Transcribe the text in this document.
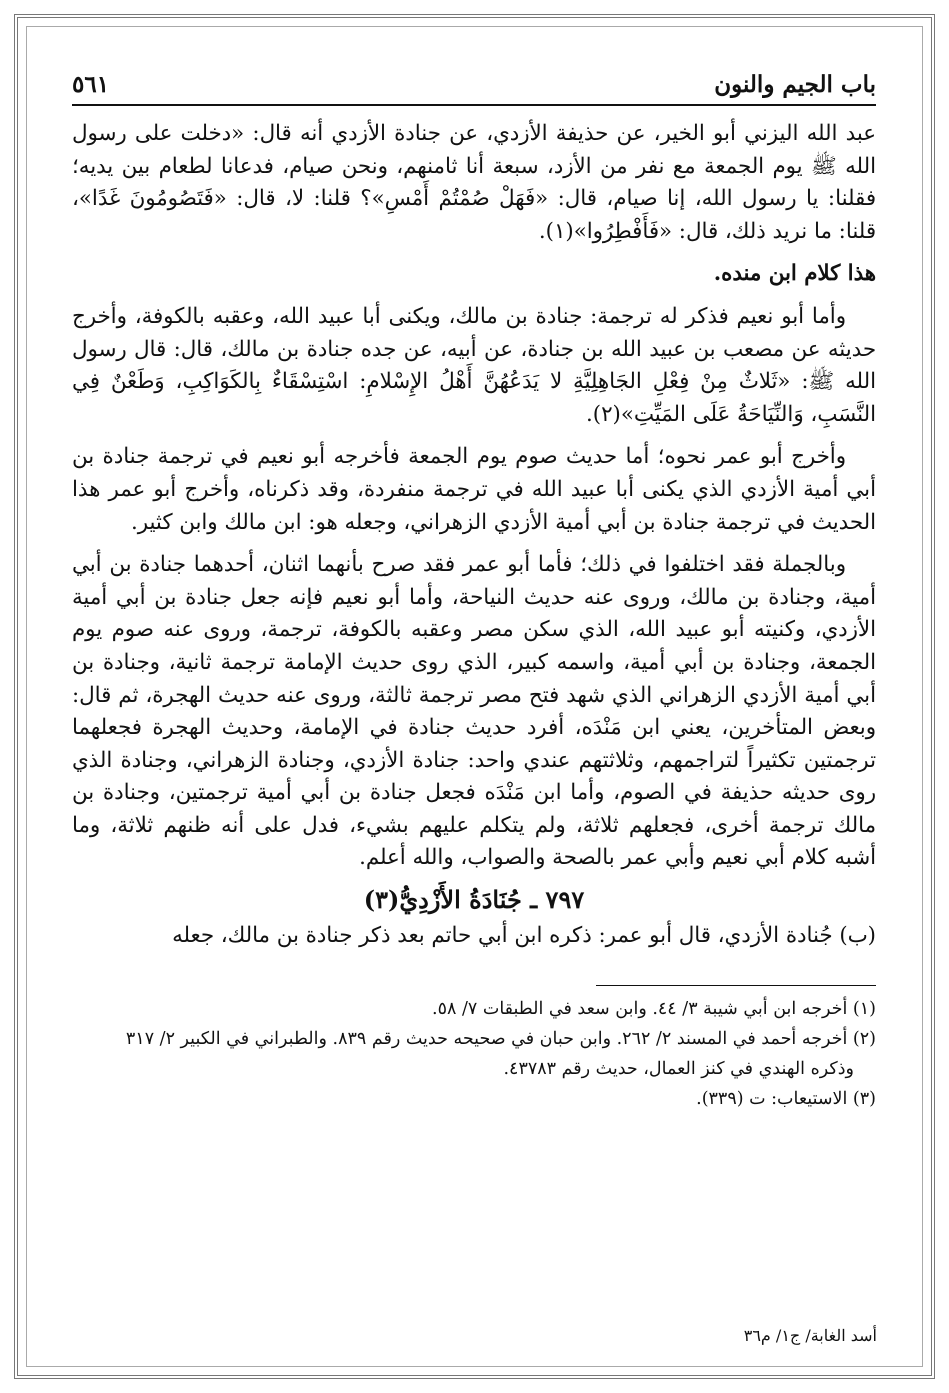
باب الجيم والنون
٥٦١

عبد الله اليزني أبو الخير، عن حذيفة الأزدي، عن جنادة الأزدي أنه قال: «دخلت على رسول الله ﷺ يوم الجمعة مع نفر من الأزد، سبعة أنا ثامنهم، ونحن صيام، فدعانا لطعام بين يديه؛ فقلنا: يا رسول الله، إنا صيام، قال: «فَهَلْ صُمْتُمْ أَمْسِ»؟ قلنا: لا، قال: «فَتَصُومُونَ غَدًا»، قلنا: ما نريد ذلك، قال: «فَأَفْطِرُوا»(١).

هذا كلام ابن منده.

وأما أبو نعيم فذكر له ترجمة: جنادة بن مالك، ويكنى أبا عبيد الله، وعقبه بالكوفة، وأخرج حديثه عن مصعب بن عبيد الله بن جنادة، عن أبيه، عن جده جنادة بن مالك، قال: قال رسول الله ﷺ: «ثَلاثٌ مِنْ فِعْلِ الجَاهِلِيَّةِ لا يَدَعُهُنَّ أَهْلُ الإِسْلامِ: اسْتِسْقَاءٌ بِالكَوَاكِبِ، وَطَعْنٌ فِي النَّسَبِ، وَالنِّيَاحَةُ عَلَى المَيِّتِ»(٢).

وأخرج أبو عمر نحوه؛ أما حديث صوم يوم الجمعة فأخرجه أبو نعيم في ترجمة جنادة بن أبي أمية الأزدي الذي يكنى أبا عبيد الله في ترجمة منفردة، وقد ذكرناه، وأخرج أبو عمر هذا الحديث في ترجمة جنادة بن أبي أمية الأزدي الزهراني، وجعله هو: ابن مالك وابن كثير.

وبالجملة فقد اختلفوا في ذلك؛ فأما أبو عمر فقد صرح بأنهما اثنان، أحدهما جنادة بن أبي أمية، وجنادة بن مالك، وروى عنه حديث النياحة، وأما أبو نعيم فإنه جعل جنادة بن أبي أمية الأزدي، وكنيته أبو عبيد الله، الذي سكن مصر وعقبه بالكوفة، ترجمة، وروى عنه صوم يوم الجمعة، وجنادة بن أبي أمية، واسمه كبير، الذي روى حديث الإمامة ترجمة ثانية، وجنادة بن أبي أمية الأزدي الزهراني الذي شهد فتح مصر ترجمة ثالثة، وروى عنه حديث الهجرة، ثم قال: وبعض المتأخرين، يعني ابن مَنْدَه، أفرد حديث جنادة في الإمامة، وحديث الهجرة فجعلهما ترجمتين تكثيراً لتراجمهم، وثلاثتهم عندي واحد: جنادة الأزدي، وجنادة الزهراني، وجنادة الذي روى حديثه حذيفة في الصوم، وأما ابن مَنْدَه فجعل جنادة بن أبي أمية ترجمتين، وجنادة بن مالك ترجمة أخرى، فجعلهم ثلاثة، ولم يتكلم عليهم بشيء، فدل على أنه ظنهم ثلاثة، وما أشبه كلام أبي نعيم وأبي عمر بالصحة والصواب، والله أعلم.

٧٩٧ ـ جُنَادَةُ الأَزْدِيُّ(٣)

(ب) جُنادة الأزدي، قال أبو عمر: ذكره ابن أبي حاتم بعد ذكر جنادة بن مالك، جعله

(١) أخرجه ابن أبي شيبة ٣/ ٤٤. وابن سعد في الطبقات ٧/ ٥٨.

(٢) أخرجه أحمد في المسند ٢/ ٢٦٢. وابن حبان في صحيحه حديث رقم ٨٣٩. والطبراني في الكبير ٢/ ٣١٧

وذكره الهندي في كنز العمال، حديث رقم ٤٣٧٨٣.

(٣) الاستيعاب: ت (٣٣٩).

أسد الغابة/ ج١/ م٣٦
